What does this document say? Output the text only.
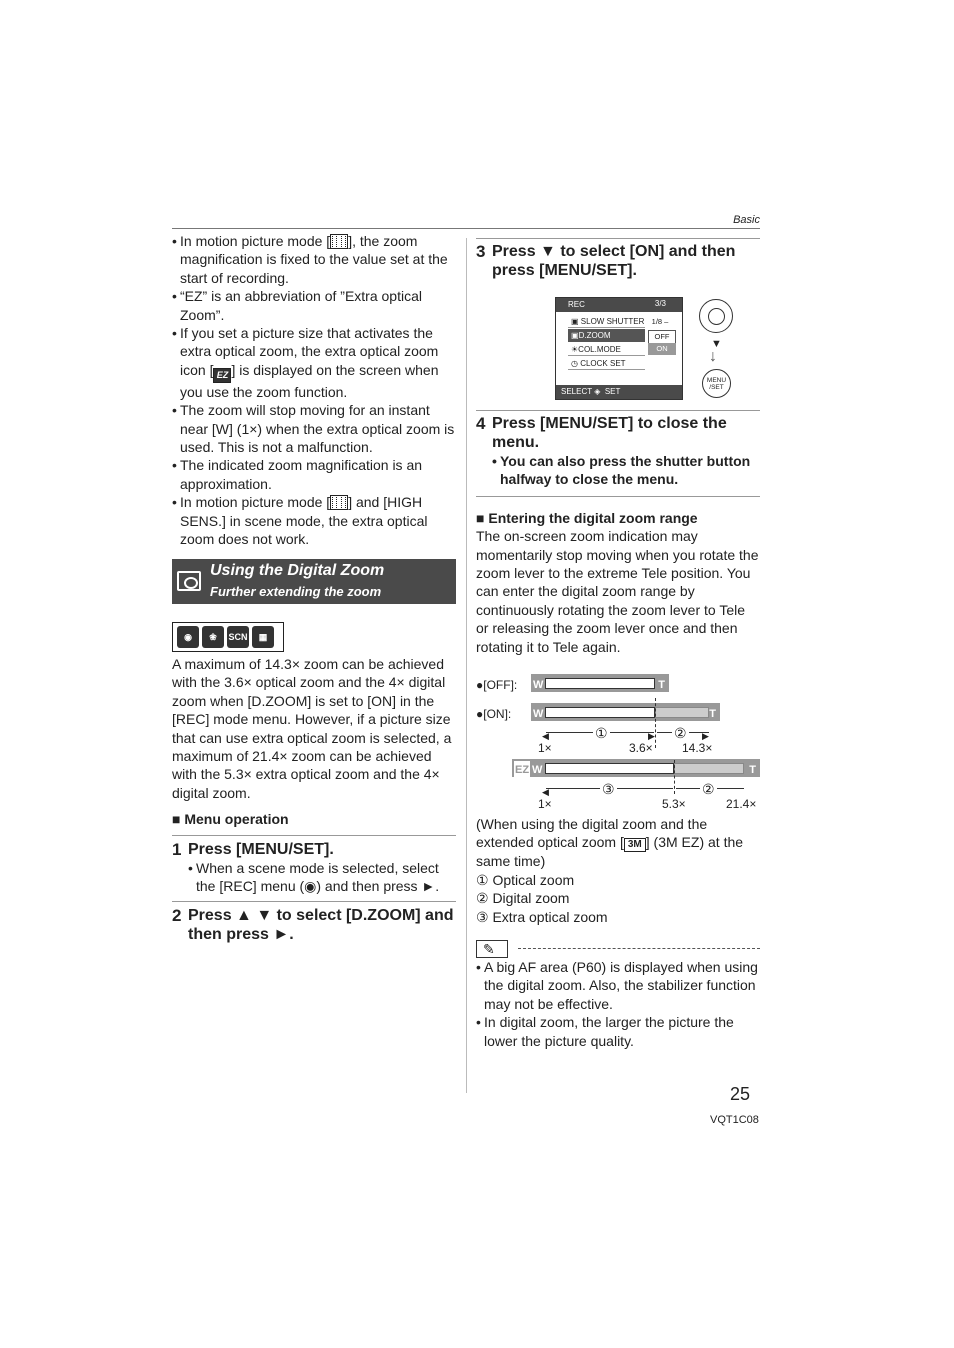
Basic

• In motion picture mode [ ], the zoom magnification is fixed to the value set at the start of recording.

• “EZ” is an abbreviation of ”Extra optical Zoom”.

• If you set a picture size that activates the extra optical zoom, the extra optical zoom icon [ EZ ] is displayed on the screen when you use the zoom function.

• The zoom will stop moving for an instant near [W] (1×) when the extra optical zoom is used. This is not a malfunction.

• The indicated zoom magnification is an approximation.

• In motion picture mode [ ] and [HIGH SENS.] in scene mode, the extra optical zoom does not work.

Using the Digital Zoom
Further extending the zoom
◉	❀	SCN	▦

A maximum of 14.3× zoom can be achieved with the 3.6× optical zoom and the 4× digital zoom when [D.ZOOM] is set to [ON] in the [REC] mode menu. However, if a picture size that can use extra optical zoom is selected, a maximum of 21.4× zoom can be achieved with the 5.3× extra optical zoom and the 4× digital zoom.

■ Menu operation

1 Press [MENU/SET].

• When a scene mode is selected, select the [REC] menu (◉) and then press ►.

2 Press ▲ ▼ to select [D.ZOOM] and then press ►.
3 Press ▼ to select [ON] and then press [MENU/SET].
REC	3/3
▣ SLOW SHUTTER
▣D.ZOOM
☀COL.MODE
◷ CLOCK SET
1/8 –
OFF
ON
SELECT ◈  SET
▼
↓
MENU /SET
4 Press [MENU/SET] to close the menu.

• You can also press the shutter button halfway to close the menu.

■ Entering the digital zoom range

The on-screen zoom indication may momentarily stop moving when you rotate the zoom lever to the extreme Tele position. You can enter the digital zoom range by continuously rotating the zoom lever to Tele or releasing the zoom lever once and then rotating it to Tele again.

●[OFF]: W	T
●[ON]: W	T
◀	▶
①	② ▶
1×	3.6× 14.3×
EZ W	T
◀	③	②
1×	5.3×	21.4×

(When using the digital zoom and the extended optical zoom [ 3M ] (3M EZ) at the same time)

① Optical zoom

② Digital zoom

③ Extra optical zoom

✎

• A big AF area (P60) is displayed when using the digital zoom. Also, the stabilizer function may not be effective.

• In digital zoom, the larger the picture the lower the picture quality.

25
VQT1C08
